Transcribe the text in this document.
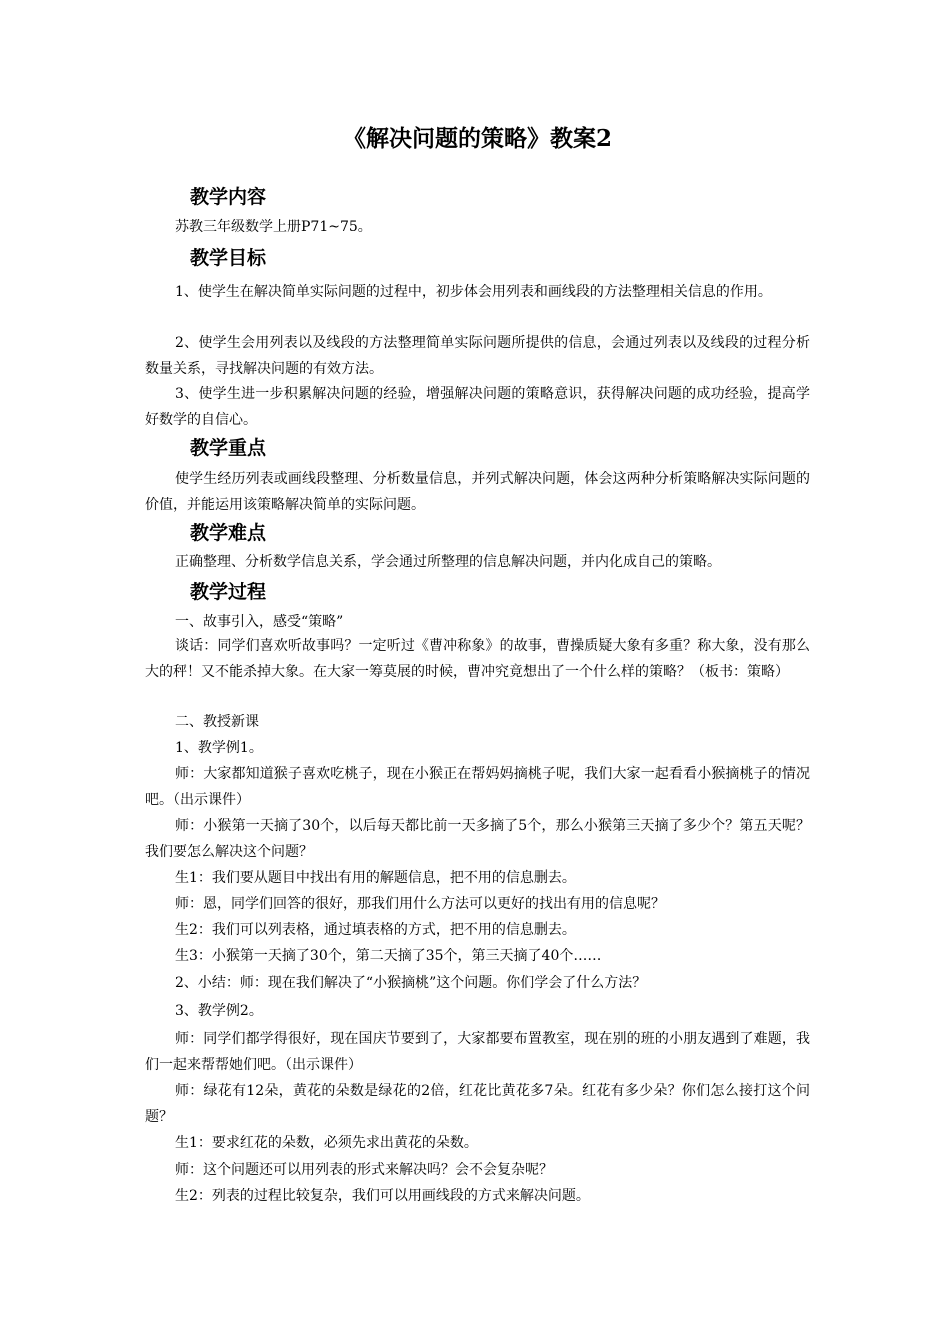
《解决问题的策略》教案2
教学内容

苏教三年级数学上册P71~75。

教学目标

1、使学生在解决简单实际问题的过程中，初步体会用列表和画线段的方法整理相关信息的作用。

2、使学生会用列表以及线段的方法整理简单实际问题所提供的信息，会通过列表以及线段的过程分析数量关系，寻找解决问题的有效方法。

3、使学生进一步积累解决问题的经验，增强解决问题的策略意识，获得解决问题的成功经验，提高学好数学的自信心。

教学重点

使学生经历列表或画线段整理、分析数量信息，并列式解决问题，体会这两种分析策略解决实际问题的价值，并能运用该策略解决简单的实际问题。

教学难点

正确整理、分析数学信息关系，学会通过所整理的信息解决问题，并内化成自己的策略。

教学过程

一、故事引入，感受“策略”

谈话：同学们喜欢听故事吗？一定听过《曹冲称象》的故事，曹操质疑大象有多重？称大象，没有那么大的秤！又不能杀掉大象。在大家一筹莫展的时候，曹冲究竟想出了一个什么样的策略？（板书：策略）

二、教授新课

1、教学例1。

师：大家都知道猴子喜欢吃桃子，现在小猴正在帮妈妈摘桃子呢，我们大家一起看看小猴摘桃子的情况吧。（出示课件）

师：小猴第一天摘了30个，以后每天都比前一天多摘了5个，那么小猴第三天摘了多少个？第五天呢？我们要怎么解决这个问题？

生1：我们要从题目中找出有用的解题信息，把不用的信息删去。

师：恩，同学们回答的很好，那我们用什么方法可以更好的找出有用的信息呢？

生2：我们可以列表格，通过填表格的方式，把不用的信息删去。

生3：小猴第一天摘了30个，第二天摘了35个，第三天摘了40个……

2、小结：师：现在我们解决了“小猴摘桃”这个问题。你们学会了什么方法？

3、教学例2。

师：同学们都学得很好，现在国庆节要到了，大家都要布置教室，现在别的班的小朋友遇到了难题，我们一起来帮帮她们吧。（出示课件）

师：绿花有12朵，黄花的朵数是绿花的2倍，红花比黄花多7朵。红花有多少朵？你们怎么接打这个问题？

生1：要求红花的朵数，必须先求出黄花的朵数。

师：这个问题还可以用列表的形式来解决吗？会不会复杂呢？

生2：列表的过程比较复杂，我们可以用画线段的方式来解决问题。
